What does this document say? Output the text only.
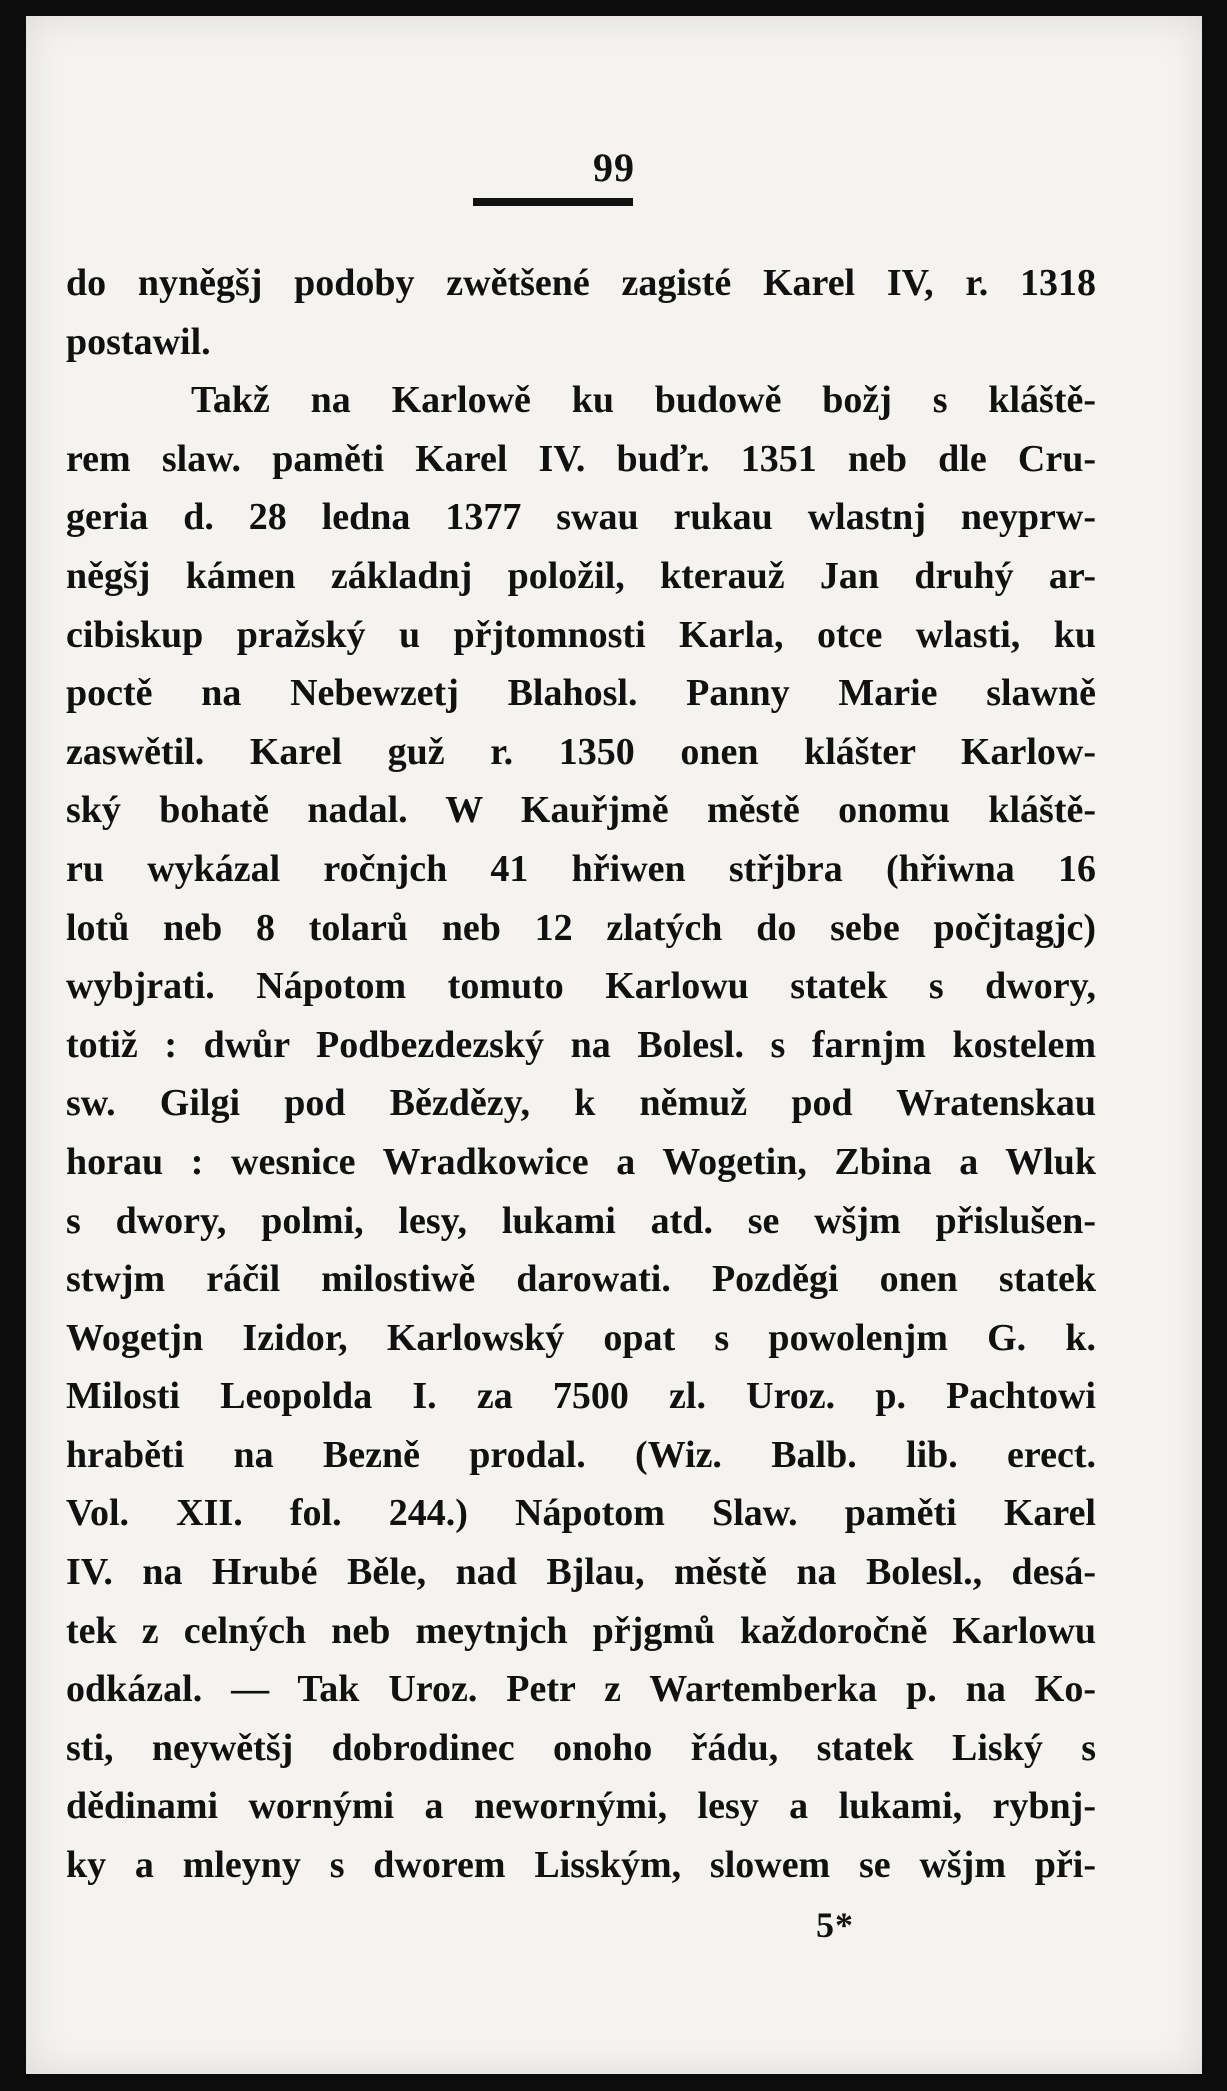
99
do nyněgšj podoby zwětšené zagisté Karel IV, r. 1318
postawil.
Takž na Karlowě ku budowě božj s kláště-
rem slaw. paměti Karel IV. buďr. 1351 neb dle Cru-
geria d. 28 ledna 1377 swau rukau wlastnj neyprw-
něgšj kámen základnj položil, kterauž Jan druhý ar-
cibiskup pražský u přjtomnosti Karla, otce wlasti, ku
poctě na Nebewzetj Blahosl. Panny Marie slawně
zaswětil. Karel guž r. 1350 onen klášter Karlow-
ský bohatě nadal. W Kauřjmě městě onomu kláště-
ru wykázal ročnjch 41 hřiwen střjbra (hřiwna 16
lotů neb 8 tolarů neb 12 zlatých do sebe počjtagjc)
wybjrati. Nápotom tomuto Karlowu statek s dwory,
totiž : dwůr Podbezdezský na Bolesl. s farnjm kostelem
sw. Gilgi pod Bězdězy, k němuž pod Wratenskau
horau : wesnice Wradkowice a Wogetin, Zbina a Wluk
s dwory, polmi, lesy, lukami atd. se wšjm přislušen-
stwjm ráčil milostiwě darowati. Pozděgi onen statek
Wogetjn Izidor, Karlowský opat s powolenjm G. k.
Milosti Leopolda I. za 7500 zl. Uroz. p. Pachtowi
hraběti na Bezně prodal. (Wiz. Balb. lib. erect.
Vol. XII. fol. 244.) Nápotom Slaw. paměti Karel
IV. na Hrubé Běle, nad Bjlau, městě na Bolesl., desá-
tek z celných neb meytnjch přjgmů každoročně Karlowu
odkázal. — Tak Uroz. Petr z Wartemberka p. na Ko-
sti, neywětšj dobrodinec onoho řádu, statek Liský s
dědinami wornými a newornými, lesy a lukami, rybnj-
ky a mleyny s dworem Lisským, slowem se wšjm při-
5*
